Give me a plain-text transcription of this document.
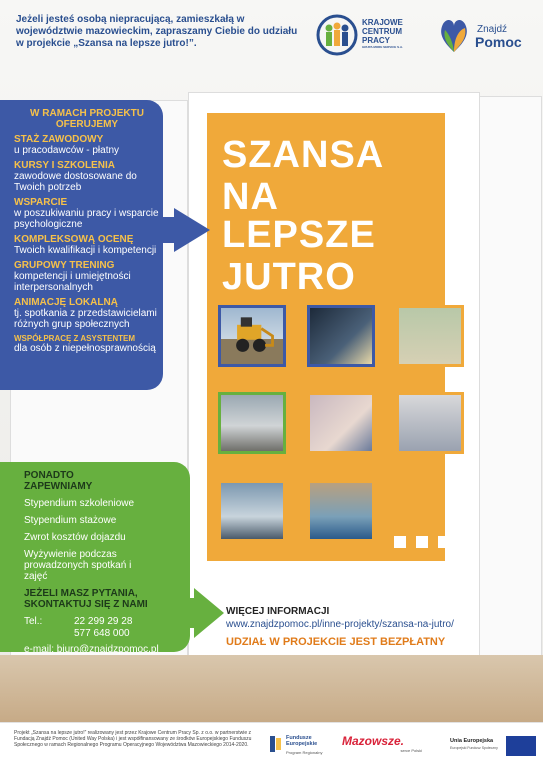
Jeżeli jesteś osobą niepracującą, zamieszkałą w województwie mazowieckim, zapraszamy Ciebie do udziału w projekcie „Szansa na lepsze jutro!”.
KRAJOWE
CENTRUM
PRACY
GRUPA MORE SERVICE S.A.
Znajdź
Pomoc
SZANSA
NA
LEPSZE
JUTRO
W RAMACH PROJEKTU OFERUJEMY
STAŻ ZAWODOWY
u pracodawców - płatny
KURSY I SZKOLENIA
zawodowe dostosowane do Twoich potrzeb
WSPARCIE
w poszukiwaniu pracy i wsparcie psychologiczne
KOMPLEKSOWĄ OCENĘ
Twoich kwalifikacji i kompetencji
GRUPOWY TRENING
kompetencji i umiejętności interpersonalnych
ANIMACJĘ LOKALNĄ
tj. spotkania z przedstawicielami różnych grup społecznych
WSPÓŁPRACĘ Z ASYSTENTEM
dla osób z niepełnosprawnością
PONADTO ZAPEWNIAMY
Stypendium szkoleniowe
Stypendium stażowe
Zwrot kosztów dojazdu
Wyżywienie podczas prowadzonych spotkań i zajęć
JEŻELI MASZ PYTANIA, SKONTAKTUJ SIĘ Z NAMI
Tel.:	22 299 29 28
577 648 000
e-mail: biuro@znajdzpomoc.pl
WIĘCEJ INFORMACJI
www.znajdzpomoc.pl/inne-projekty/szansa-na-jutro/
UDZIAŁ W PROJEKCIE JEST BEZPŁATNY
Projekt „Szansa na lepsze jutro!” realizowany jest przez Krajowe Centrum Pracy Sp. z o.o. w partnerstwie z Fundacją Znajdź Pomoc (United Way Polska) i jest współfinansowany ze środków Europejskiego Funduszu Społecznego w ramach Regionalnego Programu Operacyjnego Województwa Mazowieckiego 2014-2020.
Fundusze Europejskie
Program Regionalny
Mazowsze.
serce Polski
Unia Europejska
Europejski Fundusz Społeczny
